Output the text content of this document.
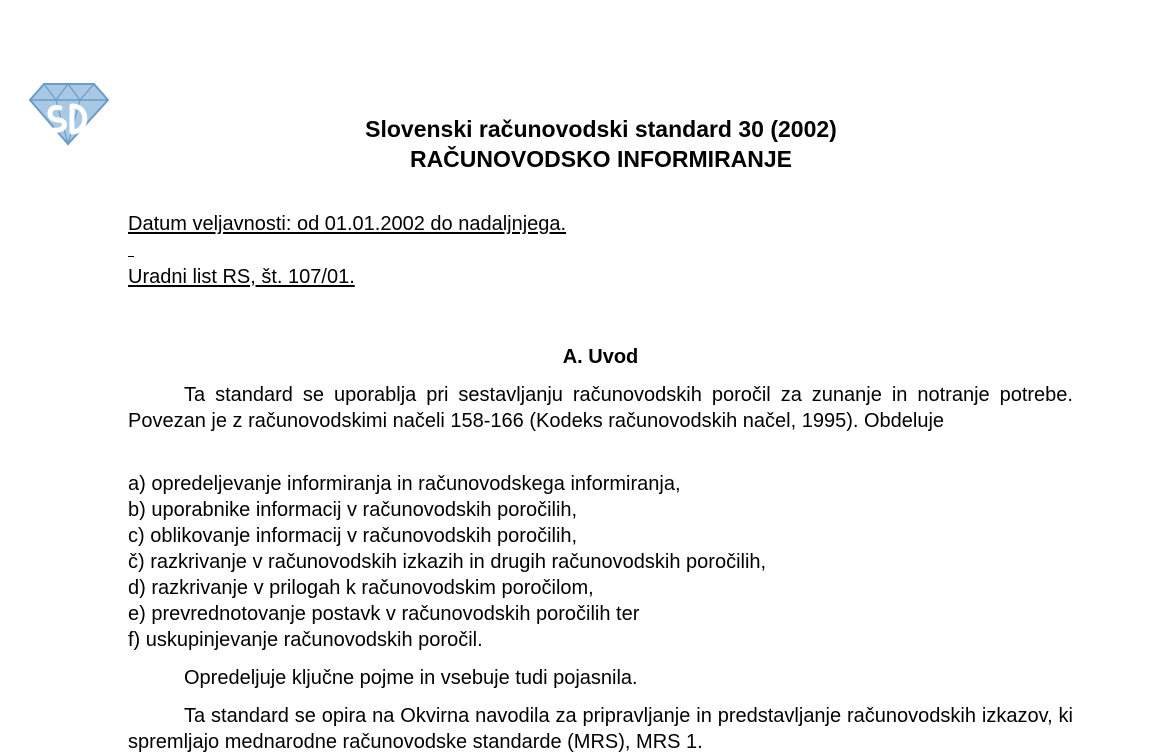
Slovenski računovodski standard 30 (2002)
RAČUNOVODSKO INFORMIRANJE
Datum veljavnosti: od 01.01.2002 do nadaljnjega.
Uradni list RS, št. 107/01.
A. Uvod

Ta standard se uporablja pri sestavljanju računovodskih poročil za zunanje in notranje potrebe. Povezan je z računovodskimi načeli 158-166 (Kodeks računovodskih načel, 1995). Obdeluje

a) opredeljevanje informiranja in računovodskega informiranja,
b) uporabnike informacij v računovodskih poročilih,
c) oblikovanje informacij v računovodskih poročilih,
č) razkrivanje v računovodskih izkazih in drugih računovodskih poročilih,
d) razkrivanje v prilogah k računovodskim poročilom,
e) prevrednotovanje postavk v računovodskih poročilih ter
f) uskupinjevanje računovodskih poročil.

Opredeljuje ključne pojme in vsebuje tudi pojasnila.

Ta standard se opira na Okvirna navodila za pripravljanje in predstavljanje računovodskih izkazov, ki spremljajo mednarodne računovodske standarde (MRS), MRS 1.
